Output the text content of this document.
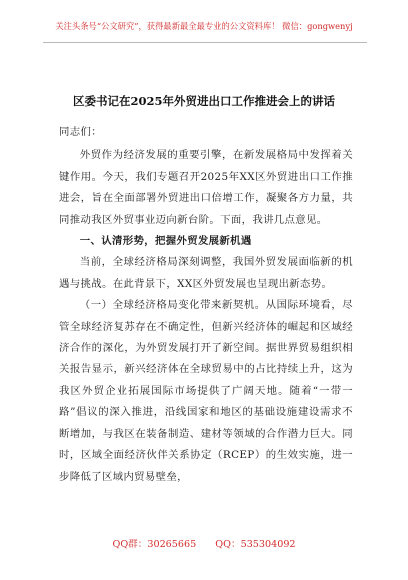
关注头条号“公文研究”，获得最新最全最专业的公文资料库！ 微信：gongwenyj
区委书记在2025年外贸进出口工作推进会上的讲话

同志们：

外贸作为经济发展的重要引擎，在新发展格局中发挥着关键作用。今天，我们专题召开2025年XX区外贸进出口工作推进会，旨在全面部署外贸进出口倍增工作，凝聚各方力量，共同推动我区外贸事业迈向新台阶。下面，我讲几点意见。

一、认清形势，把握外贸发展新机遇

当前，全球经济格局深刻调整，我国外贸发展面临新的机遇与挑战。在此背景下，XX区外贸发展也呈现出新态势。

（一）全球经济格局变化带来新契机。从国际环境看，尽管全球经济复苏存在不确定性，但新兴经济体的崛起和区域经济合作的深化，为外贸发展打开了新空间。据世界贸易组织相关报告显示，新兴经济体在全球贸易中的占比持续上升，这为我区外贸企业拓展国际市场提供了广阔天地。随着“一带一路”倡议的深入推进，沿线国家和地区的基础设施建设需求不断增加，与我区在装备制造、建材等领域的合作潜力巨大。同时，区域全面经济伙伴关系协定（RCEP）的生效实施，进一步降低了区域内贸易壁垒，

QQ群：30265665 QQ：535304092
